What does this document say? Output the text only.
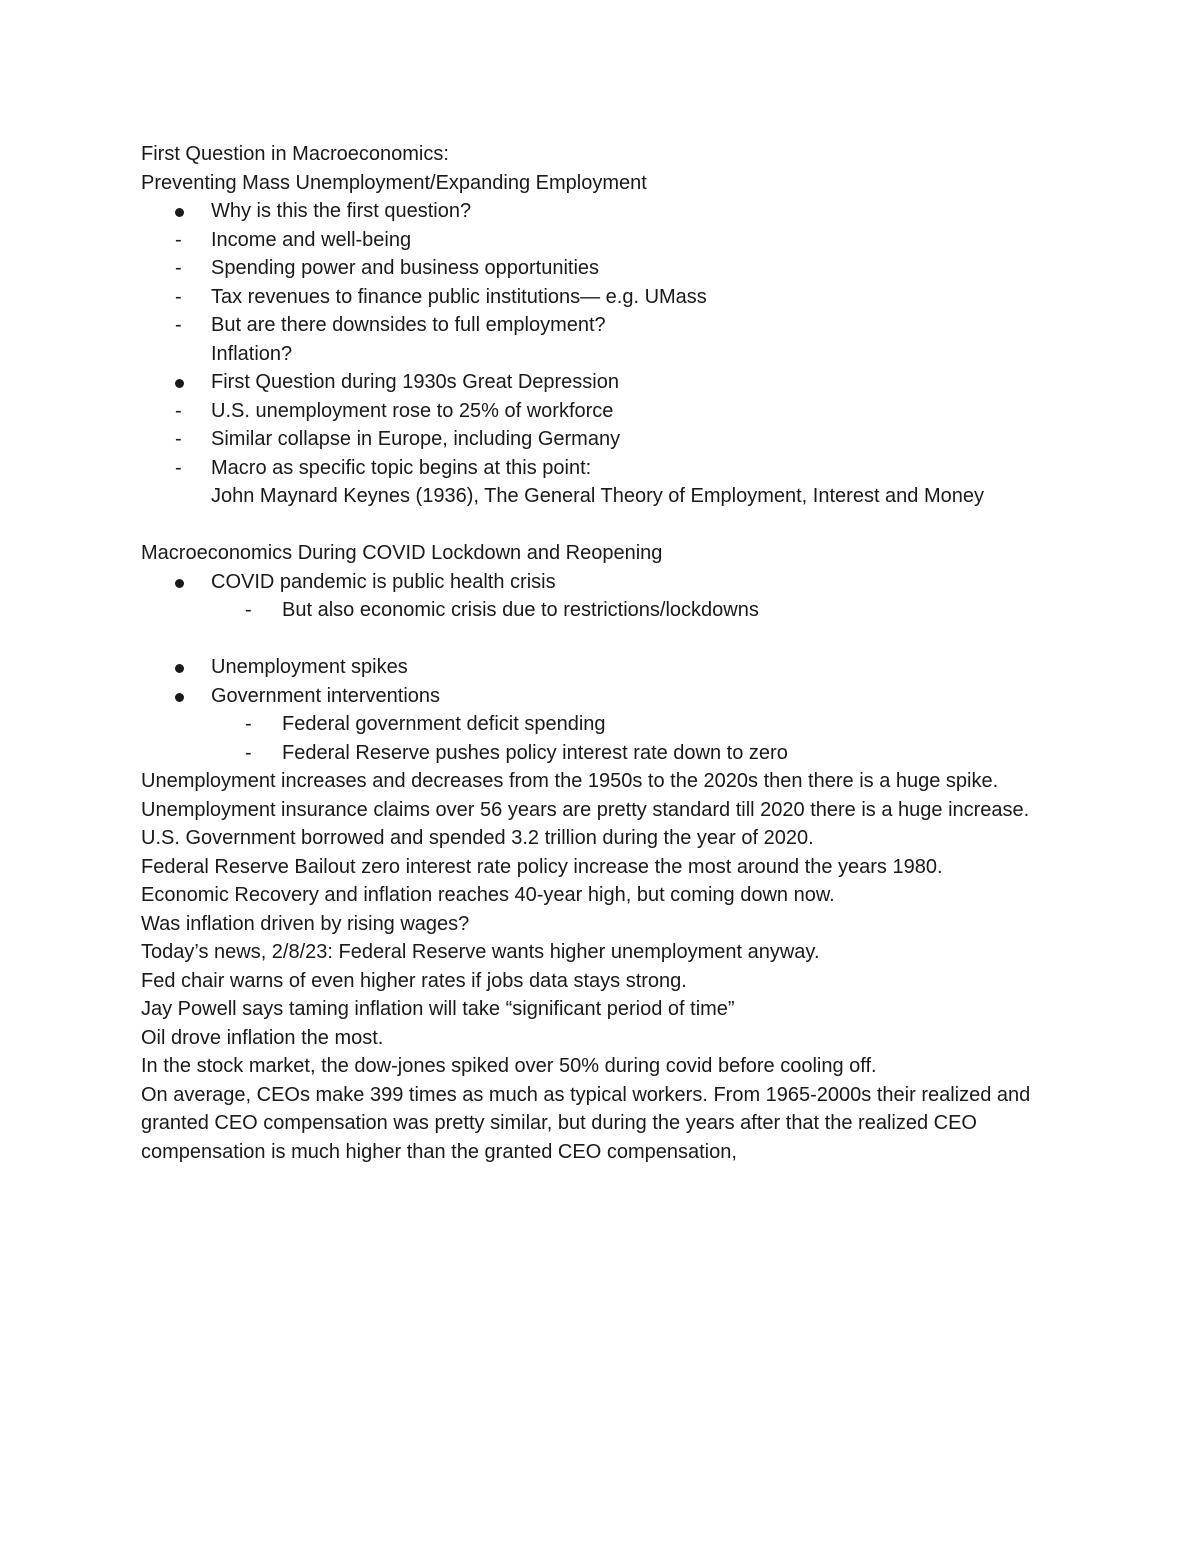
First Question in Macroeconomics:
Preventing Mass Unemployment/Expanding Employment
Why is this the first question?
- Income and well-being
- Spending power and business opportunities
- Tax revenues to finance public institutions— e.g. UMass
- But are there downsides to full employment?
Inflation?
First Question during 1930s Great Depression
- U.S. unemployment rose to 25% of workforce
- Similar collapse in Europe, including Germany
- Macro as specific topic begins at this point:
John Maynard Keynes (1936), The General Theory of Employment, Interest and Money
Macroeconomics During COVID Lockdown and Reopening
COVID pandemic is public health crisis
- But also economic crisis due to restrictions/lockdowns
Unemployment spikes
Government interventions
- Federal government deficit spending
- Federal Reserve pushes policy interest rate down to zero
Unemployment increases and decreases from the 1950s to the 2020s then there is a huge spike.
Unemployment insurance claims over 56 years are pretty standard till 2020 there is a huge increase.
U.S. Government borrowed and spended 3.2 trillion during the year of 2020.
Federal Reserve Bailout zero interest rate policy increase the most around the years 1980.
Economic Recovery and inflation reaches 40-year high, but coming down now.
Was inflation driven by rising wages?
Today’s news, 2/8/23: Federal Reserve wants higher unemployment anyway.
Fed chair warns of even higher rates if jobs data stays strong.
Jay Powell says taming inflation will take “significant period of time”
Oil drove inflation the most.
In the stock market, the dow-jones spiked over 50% during covid before cooling off.
On average, CEOs make 399 times as much as typical workers. From 1965-2000s their realized and granted CEO compensation was pretty similar, but during the years after that the realized CEO compensation is much higher than the granted CEO compensation,
